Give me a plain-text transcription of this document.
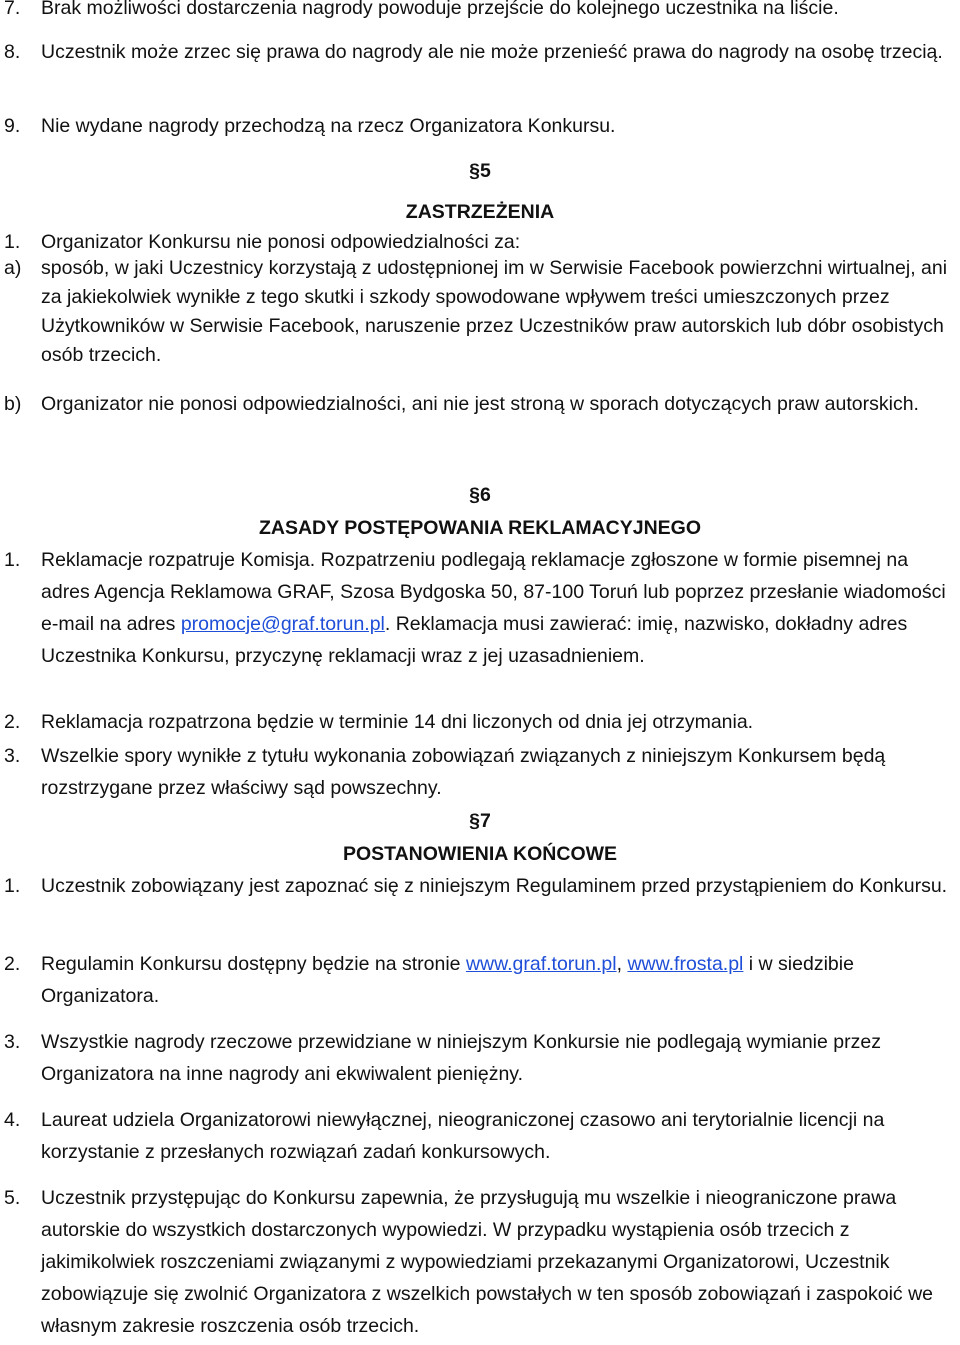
7.	Brak możliwości dostarczenia nagrody powoduje przejście do kolejnego uczestnika na liście.
8.	Uczestnik może zrzec się prawa do nagrody ale nie może przenieść prawa do nagrody na osobę trzecią.
9.	Nie wydane nagrody przechodzą na rzecz Organizatora Konkursu.
§5
ZASTRZEŻENIA
1.	Organizator Konkursu nie ponosi odpowiedzialności za:
a)	sposób, w jaki Uczestnicy korzystają z udostępnionej im w Serwisie Facebook powierzchni wirtualnej, ani za jakiekolwiek wynikłe z tego skutki i szkody spowodowane wpływem treści umieszczonych przez Użytkowników w Serwisie Facebook, naruszenie przez Uczestników praw autorskich lub dóbr osobistych osób trzecich.
b)	Organizator nie ponosi odpowiedzialności, ani nie jest stroną w sporach dotyczących praw autorskich.
§6
ZASADY POSTĘPOWANIA REKLAMACYJNEGO
1.	Reklamacje rozpatruje Komisja. Rozpatrzeniu podlegają reklamacje zgłoszone w formie pisemnej na adres Agencja Reklamowa GRAF, Szosa Bydgoska 50, 87-100 Toruń lub poprzez przesłanie wiadomości e-mail na adres promocje@graf.torun.pl. Reklamacja musi zawierać: imię, nazwisko, dokładny adres Uczestnika Konkursu, przyczynę reklamacji wraz z jej uzasadnieniem.
2.	Reklamacja rozpatrzona będzie w terminie 14 dni liczonych od dnia jej otrzymania.
3.	Wszelkie spory wynikłe z tytułu wykonania zobowiązań związanych z niniejszym Konkursem będą rozstrzygane przez właściwy sąd powszechny.
§7
POSTANOWIENIA KOŃCOWE
1.	Uczestnik zobowiązany jest zapoznać się z niniejszym Regulaminem przed przystąpieniem do Konkursu.
2.	Regulamin Konkursu dostępny będzie na stronie www.graf.torun.pl, www.frosta.pl i w siedzibie Organizatora.
3.	Wszystkie nagrody rzeczowe przewidziane w niniejszym Konkursie nie podlegają wymianie przez Organizatora na inne nagrody ani ekwiwalent pieniężny.
4.	Laureat udziela Organizatorowi niewyłącznej, nieograniczonej czasowo ani terytorialnie licencji na korzystanie z przesłanych rozwiązań zadań konkursowych.
5.	Uczestnik przystępując do Konkursu zapewnia, że przysługują mu wszelkie i nieograniczone prawa autorskie do wszystkich dostarczonych wypowiedzi. W przypadku wystąpienia osób trzecich z jakimikolwiek roszczeniami związanymi z wypowiedziami przekazanymi Organizatorowi, Uczestnik zobowiązuje się zwolnić Organizatora z wszelkich powstałych w ten sposób zobowiązań i zaspokoić we własnym zakresie roszczenia osób trzecich.
